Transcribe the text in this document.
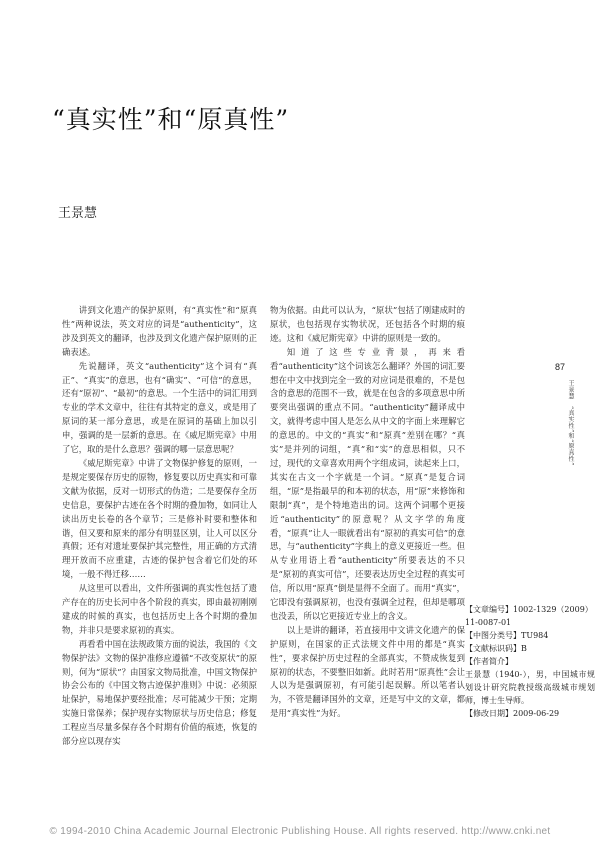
“真实性”和“原真性”
王景慧

讲到文化遗产的保护原则，有“真实性”和“原真性”两种说法，英文对应的词是“authenticity”，这涉及到英文的翻译，也涉及到文化遗产保护原则的正确表述。

先说翻译，英文“authenticity”这个词有“真正”、“真实”的意思，也有“确实”、“可信”的意思，还有“原初”、“最初”的意思。一个生活中的词汇用到专业的学术文章中，往往有其特定的意义，或是用了原词的某一部分意思，或是在原词的基础上加以引申，强调的是一层新的意思。在《威尼斯宪章》中用了它，取的是什么意思？强调的哪一层意思呢？

《威尼斯宪章》中讲了文物保护修复的原则，一是规定要保存历史的原物，修复要以历史真实和可靠文献为依据，反对一切形式的伪造；二是要保存全历史信息，要保护古迹在各个时期的叠加物，如同让人读出历史长卷的各个章节；三是修补时要和整体和谐，但又要和原来的部分有明显区别，让人可以区分真假；还有对遗址要保护其完整性，用正确的方式清理开放而不应重建，古迹的保护包含着它们处的环境，一般不得迁移……

从这里可以看出，文件所强调的真实性包括了遗产存在的历史长河中各个阶段的真实，即由最初刚刚建成的时候的真实，也包括历史上各个时期的叠加物，并非只是要求原初的真实。

再看看中国在法规政策方面的说法，我国的《文物保护法》文物的保护准修应遵循“不改变原状”的原则，何为“原状”？由国家文物局批准，中国文物保护协会公布的《中国文物古迹保护准则》中说：必须原址保护，易地保护要经批准；尽可能减少干预；定期实施日常保养；保护现存实物原状与历史信息；修复工程应当尽量多保存各个时期有价值的痕迹，恢复的部分应以现存实

物为依据。由此可以认为，“原状”包括了刚建成时的原状，也包括现存实物状况，还包括各个时期的痕迹。这和《威尼斯宪章》中讲的原则是一致的。

知道了这些专业背景，再来看看“authenticity”这个词该怎么翻译？外国的词汇要想在中文中找到完全一致的对应词是很难的，不是包含的意思的范围不一致，就是在包含的多项意思中所要突出强调的重点不同。“authenticity”翻译成中文，就得考虑中国人是怎么从中文的字面上来理解它的意思的。中文的“真实”和“原真”差别在哪？“真实”是并列的词组，“真”和“实”的意思相似，只不过，现代的文章喜欢用两个字组成词，读起来上口，其实在古文一个字就是一个词。“原真”是复合词组，“原”是指最早的和本初的状态，用“原”来修饰和限制“真”，是个特地造出的词。这两个词哪个更接近“authenticity”的原意呢？从文字学的角度看，“原真”让人一眼就看出有“原初的真实可信”的意思，与“authenticity”字典上的意义更接近一些。但从专业用语上看“authenticity”所要表达的不只是“原初的真实可信”，还要表达历史全过程的真实可信，所以用“原真”倒是显得不全面了。而用“真实”，它即没有强调原初，也没有强调全过程，但却是哪项也没丢，所以它更接近专业上的含义。

以上是讲的翻译，若直接用中文讲文化遗产的保护原则，在国家的正式法规文件中用的都是“真实性”，要求保护历史过程的全部真实，不赞成恢复到原初的状态，不要整旧如新。此时若用“原真性”会让人以为是强调原初，有可能引起误解。所以笔者认为，不管是翻译国外的文章，还是写中文的文章，都是用“真实性”为好。

87
王景慧　“真实性”和“原真性”
【文章编号】1002-1329（2009）11-0087-01
【中图分类号】TU984
【文献标识码】B
【作者简介】
王景慧（1940-），男，中国城市规划设计研究院教授级高级城市规划师，博士生导师。
【修改日期】2009-06-29
© 1994-2010 China Academic Journal Electronic Publishing House. All rights reserved. http://www.cnki.net
